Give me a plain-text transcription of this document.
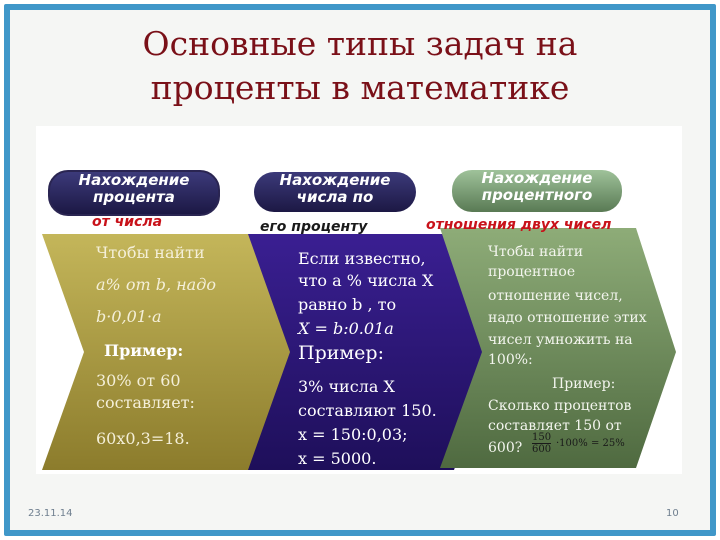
Основные типы задач на
проценты в математике
Нахождение
процента
Нахождение
числа по
Нахождение
процентного
от числа	его проценту	отношения двух чисел
Чтобы найти
а% от b, надо
b·0,01·a
Пример:
30% от 60
составляет:
60х0,3=18.
Если известно,
что а % числа Х
равно b , то
Х = b:0.01a
Пример:
3% числа Х
составляют 150.
х = 150:0,03;
х = 5000.
Чтобы найти
процентное
отношение чисел,
надо отношение этих
чисел умножить на
100%:
Пример:
Сколько процентов
составляет 150 от
600? $\frac{150}{600} \cdot 100\% = 25\%$
23.11.14	10
